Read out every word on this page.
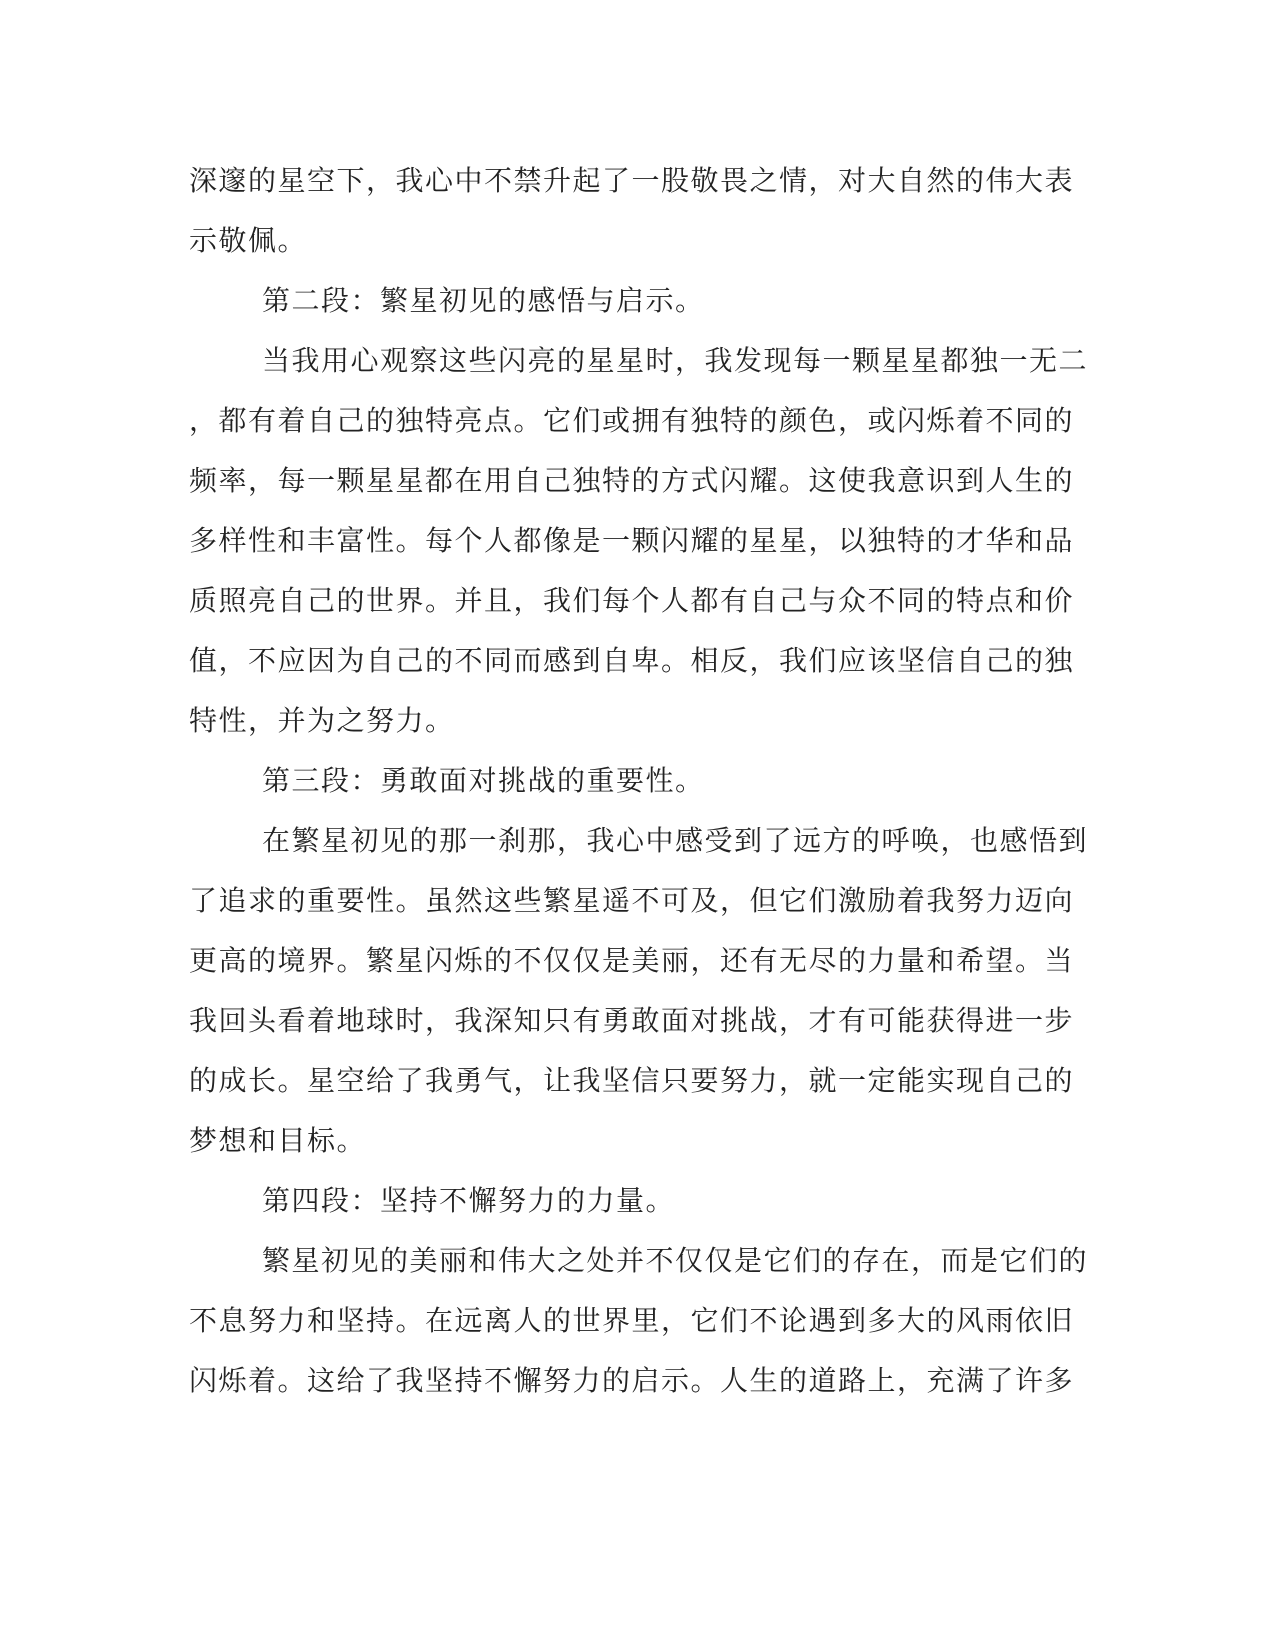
深邃的星空下，我心中不禁升起了一股敬畏之情，对大自然的伟大表
示敬佩。
第二段：繁星初见的感悟与启示。
当我用心观察这些闪亮的星星时，我发现每一颗星星都独一无二
，都有着自己的独特亮点。它们或拥有独特的颜色，或闪烁着不同的
频率，每一颗星星都在用自己独特的方式闪耀。这使我意识到人生的
多样性和丰富性。每个人都像是一颗闪耀的星星，以独特的才华和品
质照亮自己的世界。并且，我们每个人都有自己与众不同的特点和价
值，不应因为自己的不同而感到自卑。相反，我们应该坚信自己的独
特性，并为之努力。
第三段：勇敢面对挑战的重要性。
在繁星初见的那一刹那，我心中感受到了远方的呼唤，也感悟到
了追求的重要性。虽然这些繁星遥不可及，但它们激励着我努力迈向
更高的境界。繁星闪烁的不仅仅是美丽，还有无尽的力量和希望。当
我回头看着地球时，我深知只有勇敢面对挑战，才有可能获得进一步
的成长。星空给了我勇气，让我坚信只要努力，就一定能实现自己的
梦想和目标。
第四段：坚持不懈努力的力量。
繁星初见的美丽和伟大之处并不仅仅是它们的存在，而是它们的
不息努力和坚持。在远离人的世界里，它们不论遇到多大的风雨依旧
闪烁着。这给了我坚持不懈努力的启示。人生的道路上，充满了许多
